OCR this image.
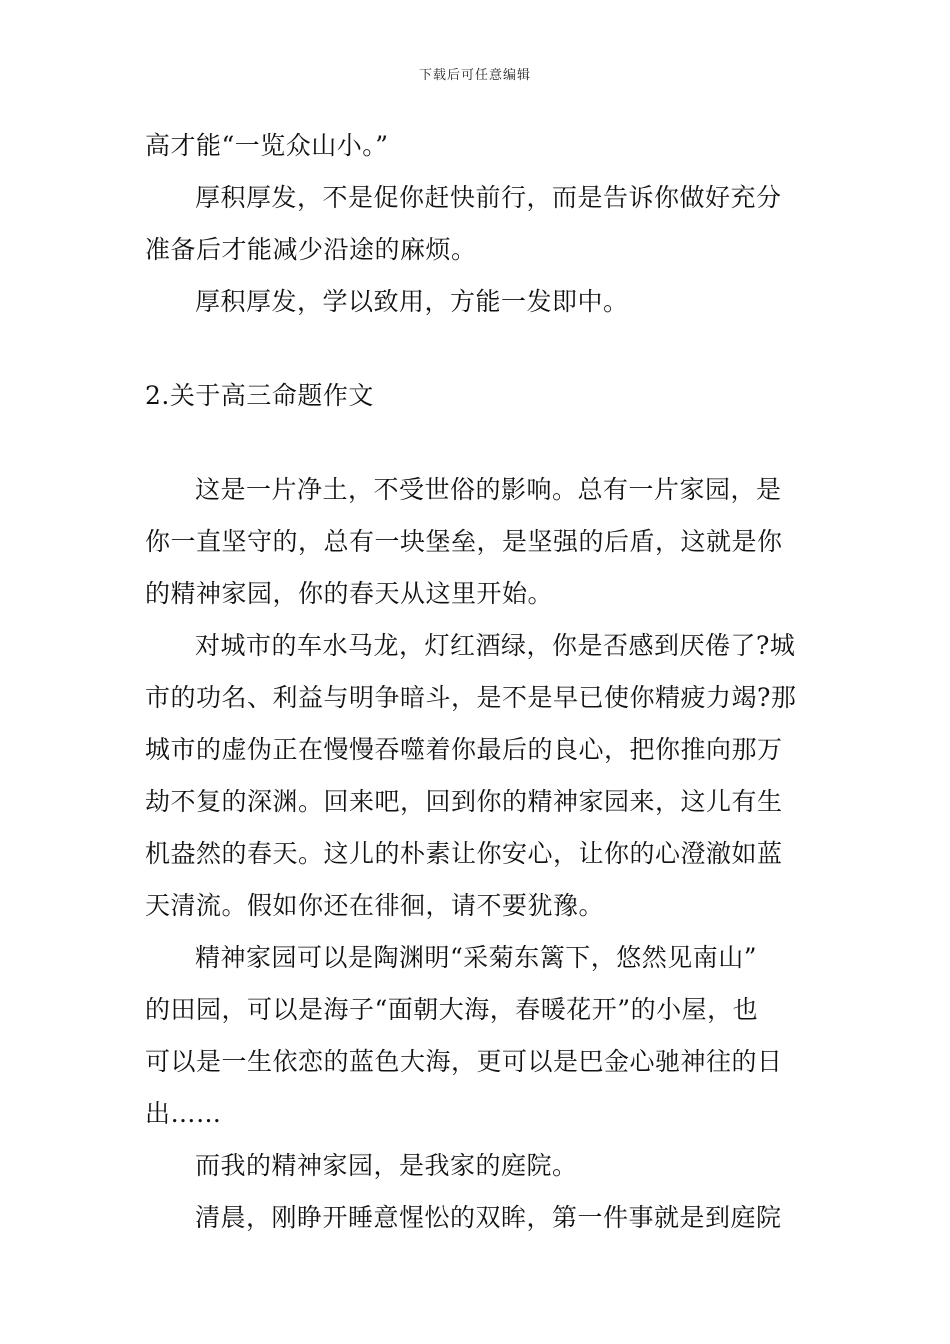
下载后可任意编辑
高才能“一览众山小。”
厚积厚发，不是促你赶快前行，而是告诉你做好充分
准备后才能减少沿途的麻烦。
厚积厚发，学以致用，方能一发即中。
2.关于高三命题作文
这是一片净土，不受世俗的影响。总有一片家园，是
你一直坚守的，总有一块堡垒，是坚强的后盾，这就是你
的精神家园，你的春天从这里开始。
对城市的车水马龙，灯红酒绿，你是否感到厌倦了?城
市的功名、利益与明争暗斗，是不是早已使你精疲力竭?那
城市的虚伪正在慢慢吞噬着你最后的良心，把你推向那万
劫不复的深渊。回来吧，回到你的精神家园来，这儿有生
机盎然的春天。这儿的朴素让你安心，让你的心澄澈如蓝
天清流。假如你还在徘徊，请不要犹豫。
精神家园可以是陶渊明“采菊东篱下，悠然见南山”
的田园，可以是海子“面朝大海，春暖花开”的小屋，也
可以是一生依恋的蓝色大海，更可以是巴金心驰神往的日
出……
而我的精神家园，是我家的庭院。
清晨，刚睁开睡意惺忪的双眸，第一件事就是到庭院
